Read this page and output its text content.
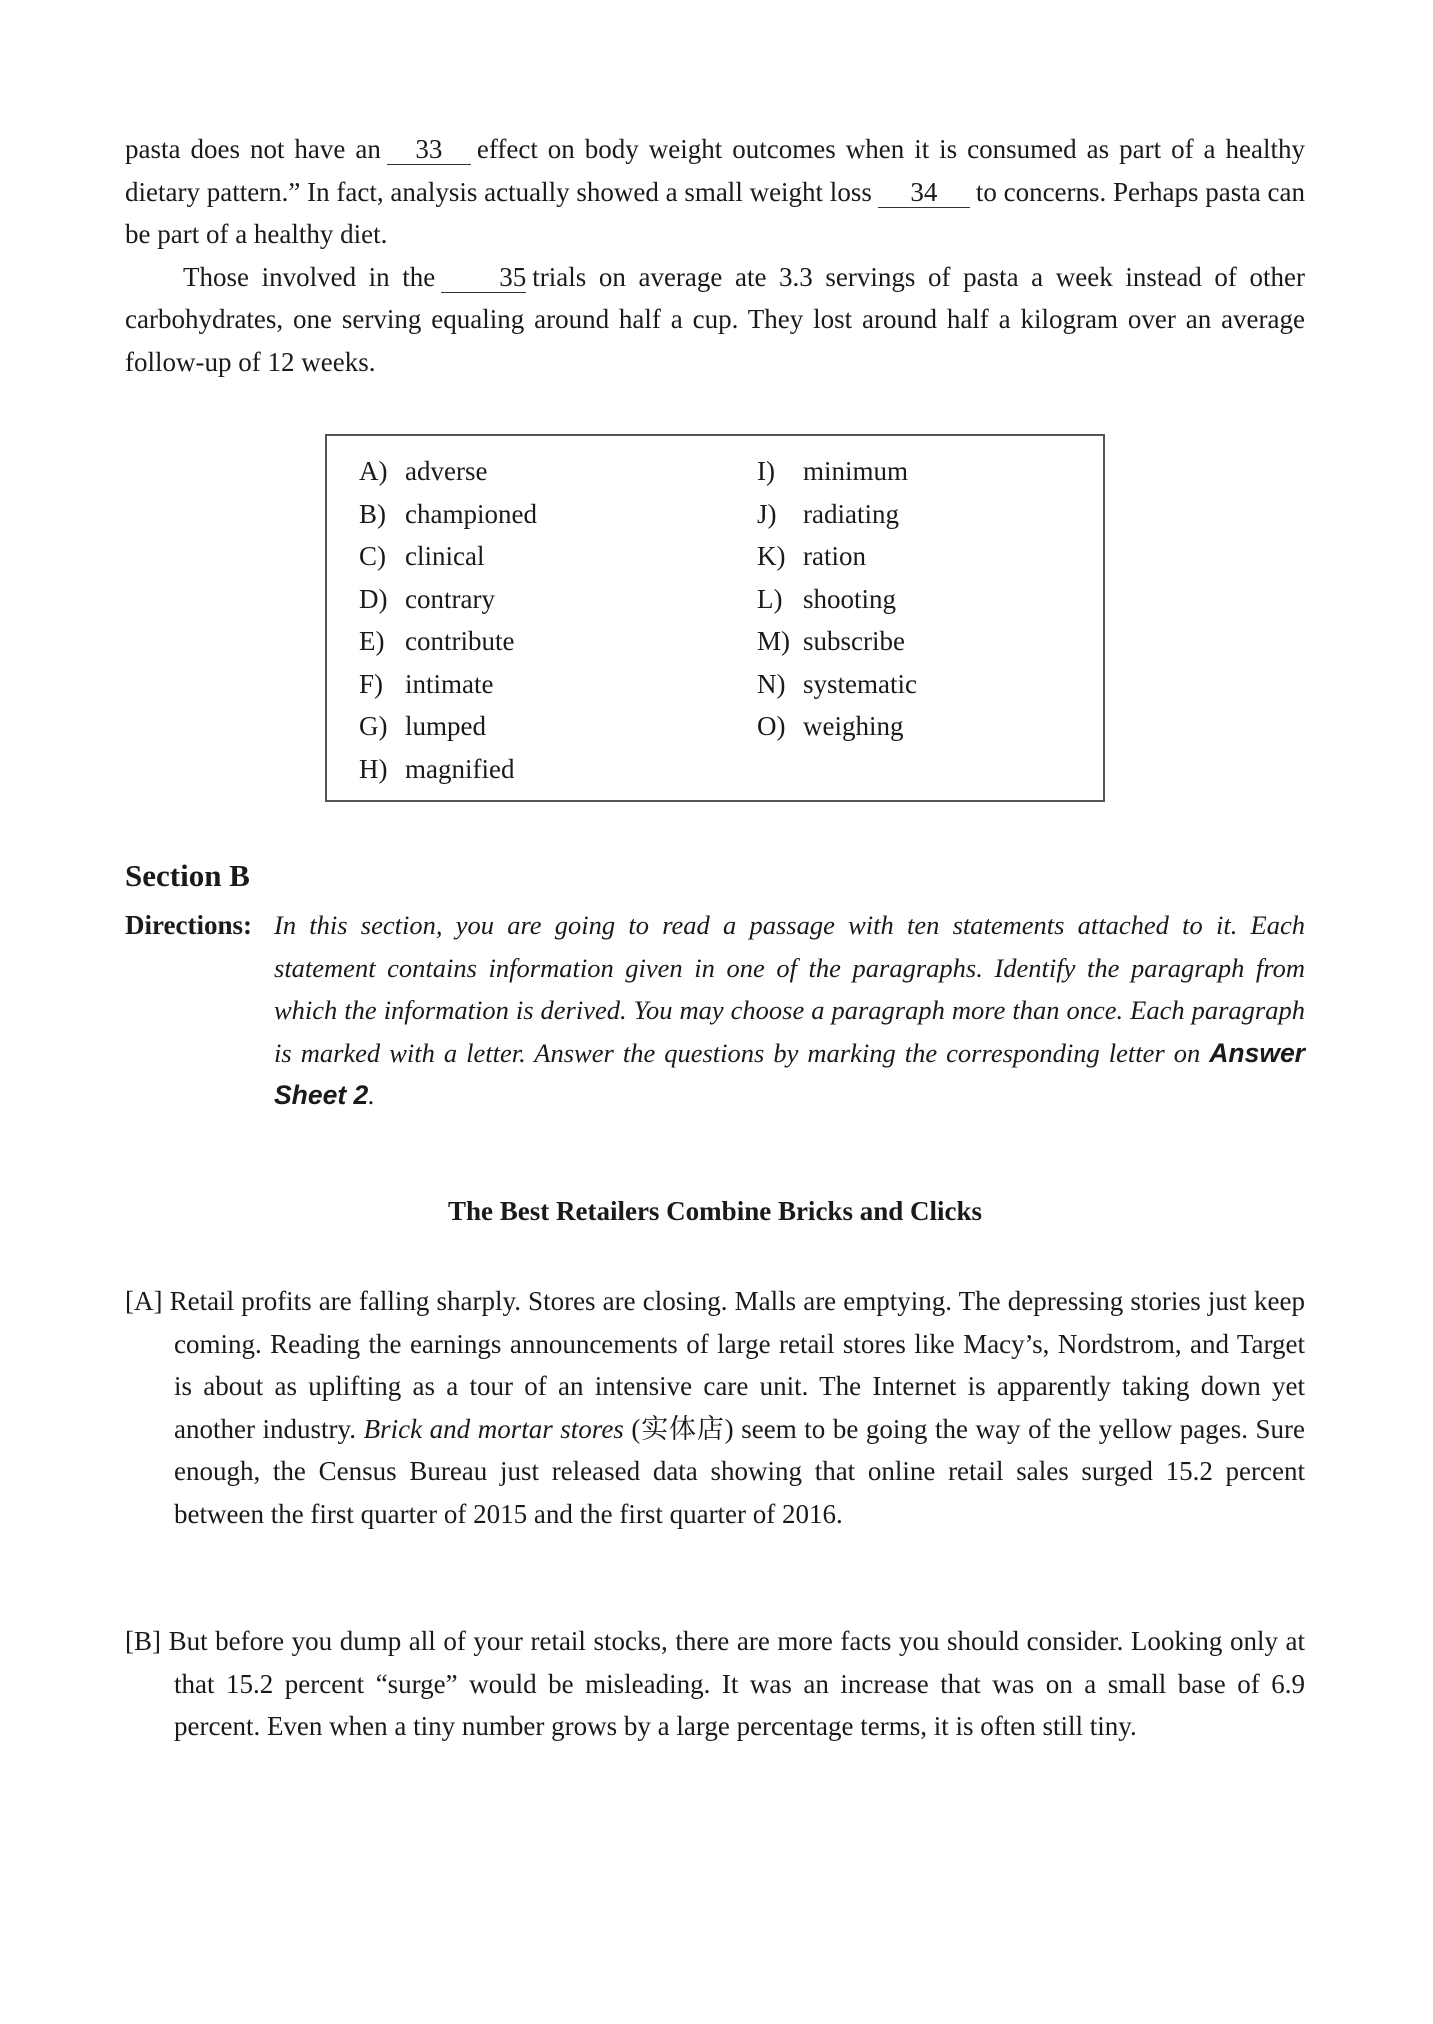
pasta does not have an 33 effect on body weight outcomes when it is consumed as part of a healthy dietary pattern.” In fact, analysis actually showed a small weight loss 34 to concerns. Perhaps pasta can be part of a healthy diet.

Those involved in the 35 trials on average ate 3.3 servings of pasta a week instead of other carbohydrates, one serving equaling around half a cup. They lost around half a kilogram over an average follow-up of 12 weeks.

A) adverse
B) championed
C) clinical
D) contrary
E) contribute
F) intimate
G) lumped
H) magnified
I) minimum
J) radiating
K) ration
L) shooting
M) subscribe
N) systematic
O) weighing
Section B
Directions: In this section, you are going to read a passage with ten statements attached to it. Each statement contains information given in one of the paragraphs. Identify the paragraph from which the information is derived. You may choose a paragraph more than once. Each paragraph is marked with a letter. Answer the questions by marking the corresponding letter on Answer Sheet 2.
The Best Retailers Combine Bricks and Clicks
[A] Retail profits are falling sharply. Stores are closing. Malls are emptying. The depressing stories just keep coming. Reading the earnings announcements of large retail stores like Macy’s, Nordstrom, and Target is about as uplifting as a tour of an intensive care unit. The Internet is apparently taking down yet another industry. Brick and mortar stores (实体店) seem to be going the way of the yellow pages. Sure enough, the Census Bureau just released data showing that online retail sales surged 15.2 percent between the first quarter of 2015 and the first quarter of 2016.
[B] But before you dump all of your retail stocks, there are more facts you should consider. Looking only at that 15.2 percent “surge” would be misleading. It was an increase that was on a small base of 6.9 percent. Even when a tiny number grows by a large percentage terms, it is often still tiny.
